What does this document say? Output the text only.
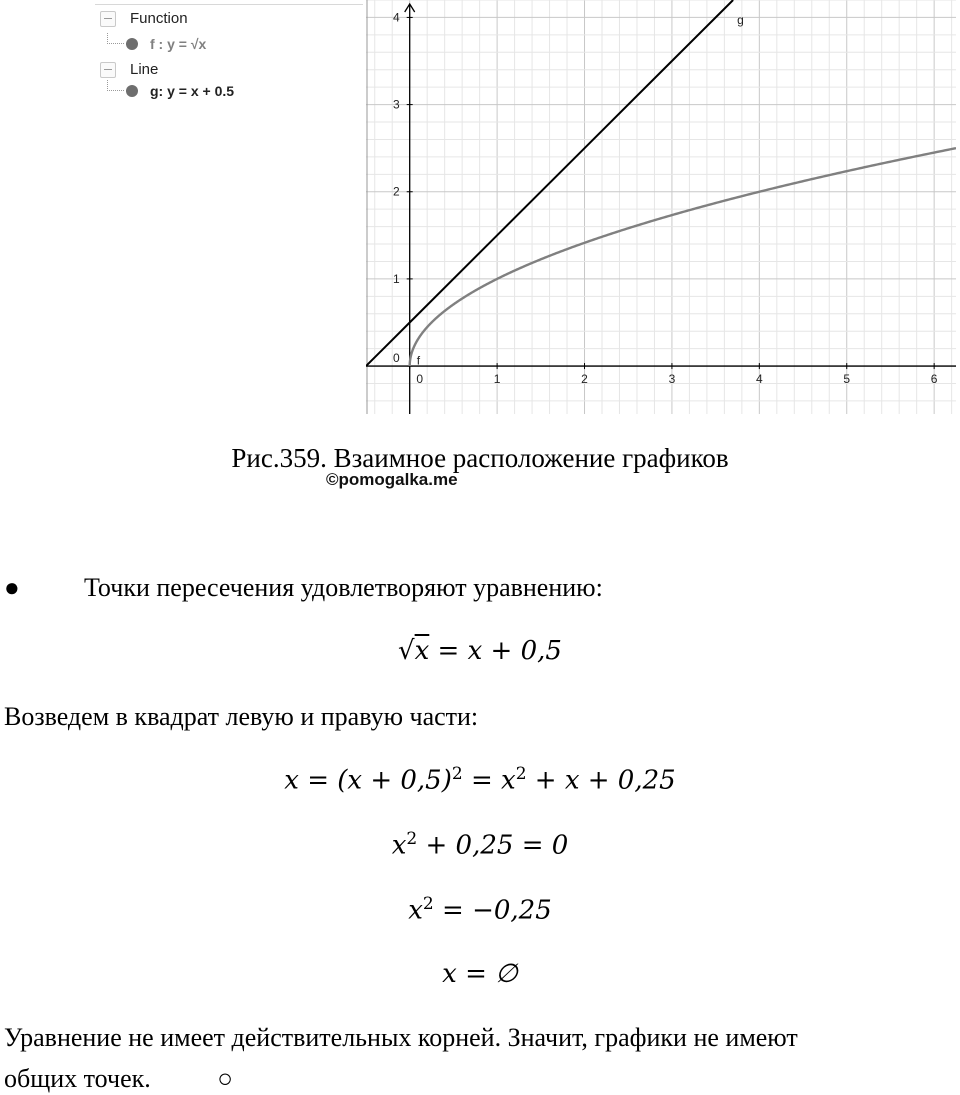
Function
f : y = √x
Line
g: y = x + 0.5
0	1	2	3	4	5	6
0
1
2
3
4	g
f
Рис.359. Взаимное расположение графиков
©pomogalka.me
● Точки пересечения удовлетворяют уравнению:
√x = x + 0,5
Возведем в квадрат левую и правую части:
$x = (x + 0,5)^2 = x^2 + x + 0,25$
$x^2 + 0,25 = 0$
$x^2 = -0,25$
x = ∅
Уравнение не имеет действительных корней. Значит, графики не имеют
общих точек.	○
